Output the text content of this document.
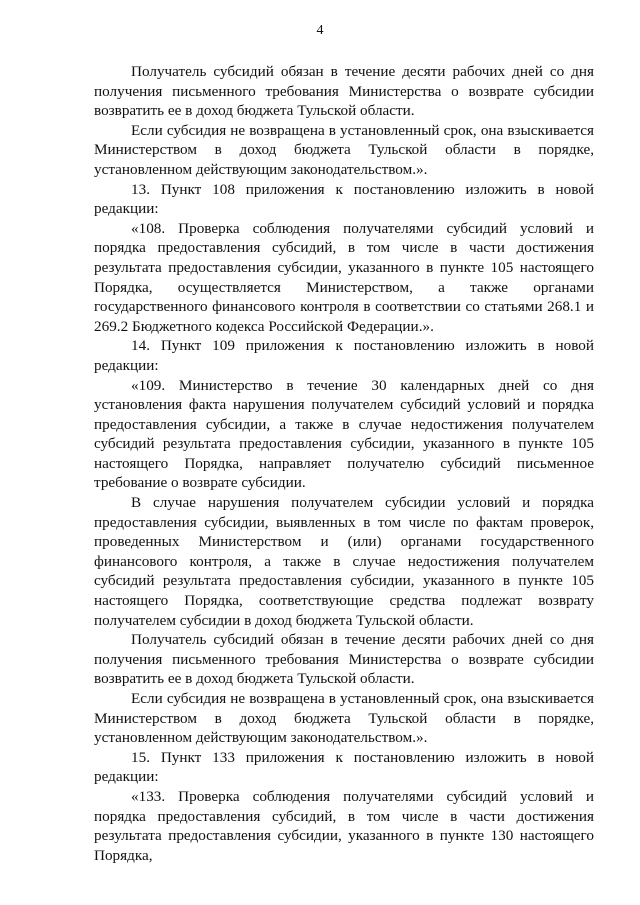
4

Получатель субсидий обязан в течение десяти рабочих дней со дня получения письменного требования Министерства о возврате субсидии возвратить ее в доход бюджета Тульской области.

Если субсидия не возвращена в установленный срок, она взыскивается Министерством в доход бюджета Тульской области в порядке, установленном действующим законодательством.».

13. Пункт 108 приложения к постановлению изложить в новой редакции:

«108. Проверка соблюдения получателями субсидий условий и порядка предоставления субсидий, в том числе в части достижения результата предоставления субсидии, указанного в пункте 105 настоящего Порядка, осуществляется Министерством, а также органами государственного финансового контроля в соответствии со статьями 268.1 и 269.2 Бюджетного кодекса Российской Федерации.».

14. Пункт 109 приложения к постановлению изложить в новой редакции:

«109. Министерство в течение 30 календарных дней со дня установления факта нарушения получателем субсидий условий и порядка предоставления субсидии, а также в случае недостижения получателем субсидий результата предоставления субсидии, указанного в пункте 105 настоящего Порядка, направляет получателю субсидий письменное требование о возврате субсидии.

В случае нарушения получателем субсидии условий и порядка предоставления субсидии, выявленных в том числе по фактам проверок, проведенных Министерством и (или) органами государственного финансового контроля, а также в случае недостижения получателем субсидий результата предоставления субсидии, указанного в пункте 105 настоящего Порядка, соответствующие средства подлежат возврату получателем субсидии в доход бюджета Тульской области.

Получатель субсидий обязан в течение десяти рабочих дней со дня получения письменного требования Министерства о возврате субсидии возвратить ее в доход бюджета Тульской области.

Если субсидия не возвращена в установленный срок, она взыскивается Министерством в доход бюджета Тульской области в порядке, установленном действующим законодательством.».

15. Пункт 133 приложения к постановлению изложить в новой редакции:

«133. Проверка соблюдения получателями субсидий условий и порядка предоставления субсидий, в том числе в части достижения результата предоставления субсидии, указанного в пункте 130 настоящего Порядка,
